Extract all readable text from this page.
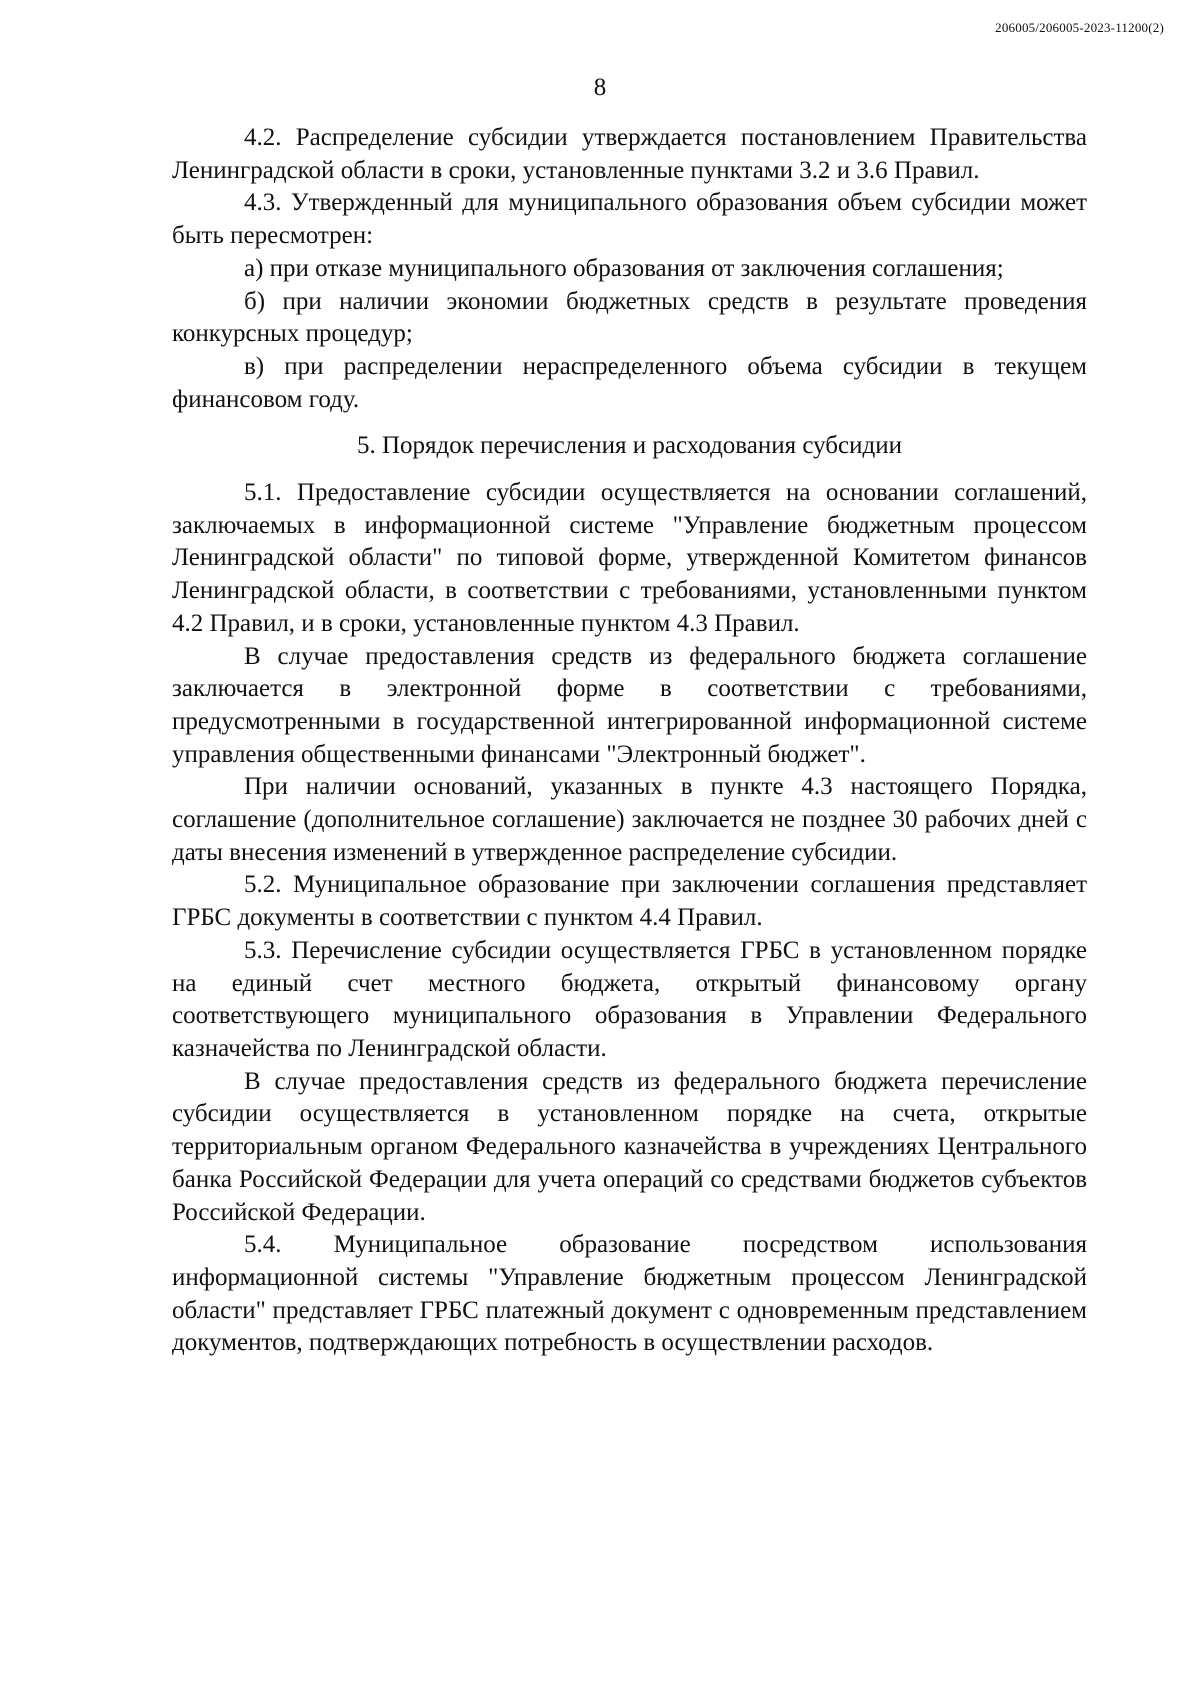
206005/206005-2023-11200(2)
8

4.2. Распределение субсидии утверждается постановлением Правительства Ленинградской области в сроки, установленные пунктами 3.2 и 3.6 Правил.

4.3. Утвержденный для муниципального образования объем субсидии может быть пересмотрен:

а) при отказе муниципального образования от заключения соглашения;

б) при наличии экономии бюджетных средств в результате проведения конкурсных процедур;

в) при распределении нераспределенного объема субсидии в текущем финансовом году.

5. Порядок перечисления и расходования субсидии

5.1. Предоставление субсидии осуществляется на основании соглашений, заключаемых в информационной системе "Управление бюджетным процессом Ленинградской области" по типовой форме, утвержденной Комитетом финансов Ленинградской области, в соответствии с требованиями, установленными пунктом 4.2 Правил, и в сроки, установленные пунктом 4.3 Правил.

В случае предоставления средств из федерального бюджета соглашение заключается в электронной форме в соответствии с требованиями, предусмотренными в государственной интегрированной информационной системе управления общественными финансами "Электронный бюджет".

При наличии оснований, указанных в пункте 4.3 настоящего Порядка, соглашение (дополнительное соглашение) заключается не позднее 30 рабочих дней с даты внесения изменений в утвержденное распределение субсидии.

5.2. Муниципальное образование при заключении соглашения представляет ГРБС документы в соответствии с пунктом 4.4 Правил.

5.3. Перечисление субсидии осуществляется ГРБС в установленном порядке на единый счет местного бюджета, открытый финансовому органу соответствующего муниципального образования в Управлении Федерального казначейства по Ленинградской области.

В случае предоставления средств из федерального бюджета перечисление субсидии осуществляется в установленном порядке на счета, открытые территориальным органом Федерального казначейства в учреждениях Центрального банка Российской Федерации для учета операций со средствами бюджетов субъектов Российской Федерации.

5.4. Муниципальное образование посредством использования информационной системы "Управление бюджетным процессом Ленинградской области" представляет ГРБС платежный документ с одновременным представлением документов, подтверждающих потребность в осуществлении расходов.
